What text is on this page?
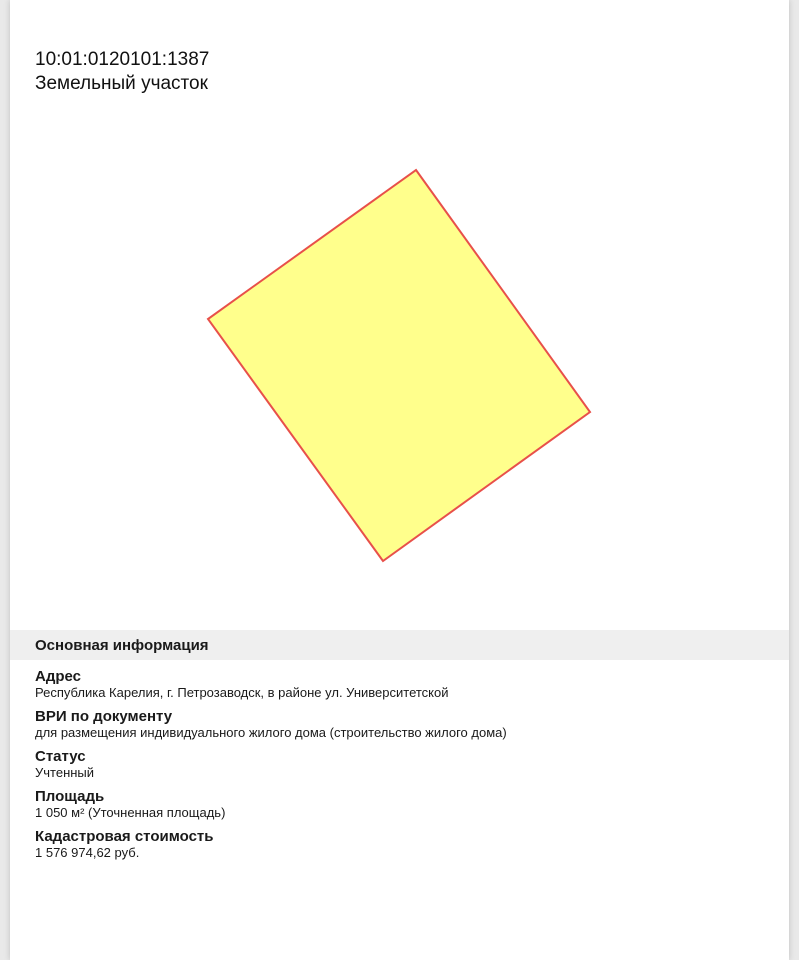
10:01:0120101:1387
Земельный участок
Основная информация
Адрес
Республика Карелия, г. Петрозаводск, в районе ул. Университетской
ВРИ по документу
для размещения индивидуального жилого дома (строительство жилого дома)
Статус
Учтенный
Площадь
1 050 м² (Уточненная площадь)
Кадастровая стоимость
1 576 974,62 руб.
